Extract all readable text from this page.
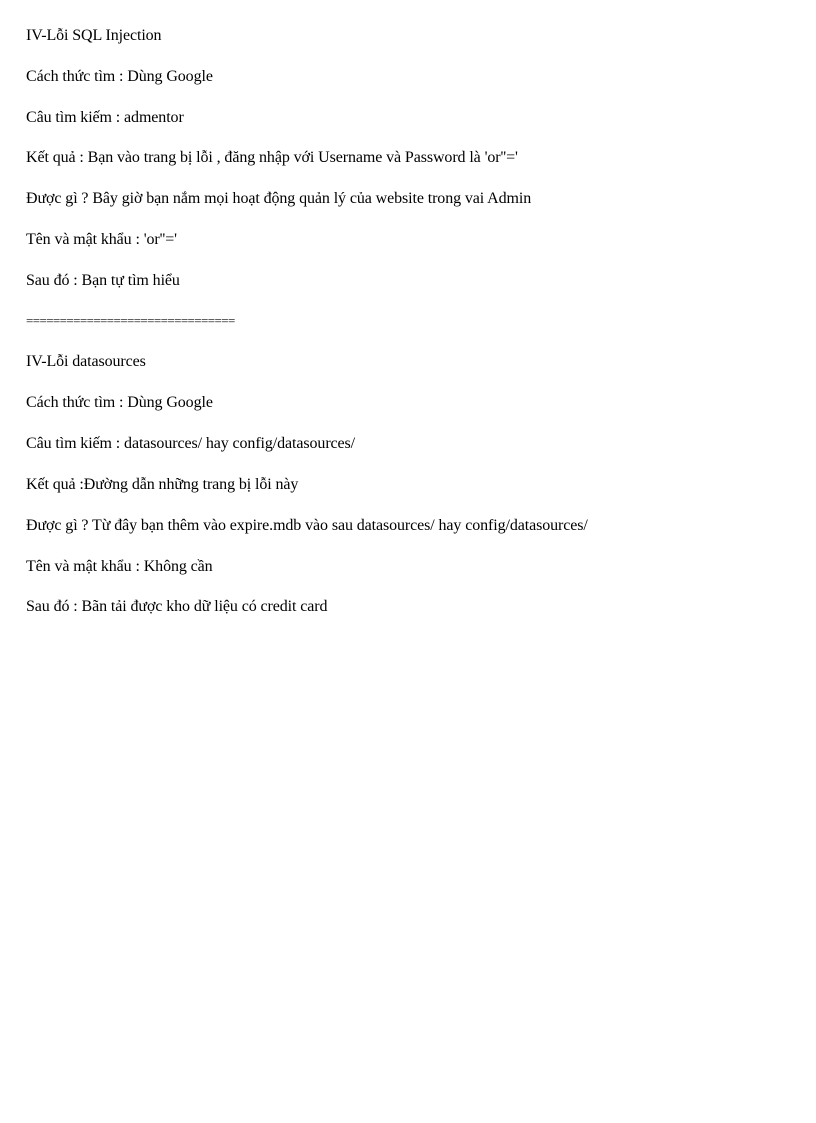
IV-Lỗi SQL Injection
Cách thức tìm : Dùng Google
Câu tìm kiếm : admentor
Kết quả : Bạn vào trang bị lỗi , đăng nhập với Username và Password là 'or''='
Được gì ? Bây giờ bạn nắm mọi hoạt động quản lý của website trong vai Admin
Tên và mật khẩu : 'or''='
Sau đó : Bạn tự tìm hiểu
===============================
IV-Lỗi datasources
Cách thức tìm : Dùng Google
Câu tìm kiếm : datasources/ hay config/datasources/
Kết quả :Đường dẫn những trang bị lỗi này
Được gì ? Từ đây bạn thêm vào expire.mdb vào sau datasources/ hay config/datasources/
Tên và mật khẩu : Không cần
Sau đó : Bãn tải được kho dữ liệu có credit card
